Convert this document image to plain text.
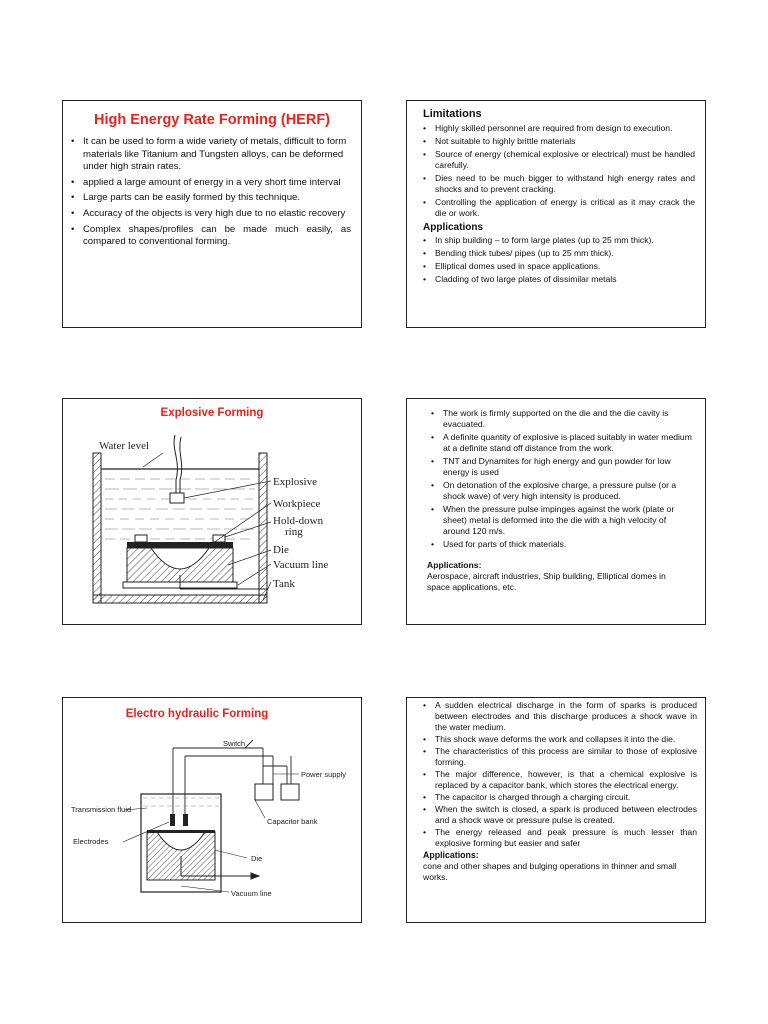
High Energy Rate Forming (HERF)
• It can be used to form a wide variety of metals, difficult to form materials like Titanium and Tungsten alloys, can be deformed under high strain rates.
• applied a large amount of energy in a very short time interval
• Large parts can be easily formed by this technique.
• Accuracy of the objects is very high due to no elastic recovery
• Complex shapes/profiles can be made much easily, as compared to conventional forming.
Limitations
• Highly skilled personnel are required from design to execution.
• Not suitable to highly brittle materials
• Source of energy (chemical explosive or electrical) must be handled carefully.
• Dies need to be much bigger to withstand high energy rates and shocks and to prevent cracking.
• Controlling the application of energy is critical as it may crack the die or work.
Applications
• In ship building – to form large plates (up to 25 mm thick).
• Bending thick tubes/ pipes (up to 25 mm thick).
• Elliptical domes used in space applications.
• Cladding of two large plates of dissimilar metals
Explosive Forming
Water level
Explosive
Workpiece
Hold-down
ring
Die
Vacuum line
Tank
• The work is firmly supported on the die and the die cavity is evacuated.
• A definite quantity of explosive is placed suitably in water medium at a definite stand off distance from the work.
• TNT and Dynamites for high energy and gun powder for low energy is used
• On detonation of the explosive charge, a pressure pulse (or a shock wave) of very high intensity is produced.
• When the pressure pulse impinges against the work (plate or sheet) metal is deformed into the die with a high velocity of around 120 m/s.
• Used for parts of thick materials.
Applications:
Aerospace, aircraft industries, Ship building, Elliptical domes in space applications, etc.
Electro hydraulic Forming
Switch
Power supply
Transmission fluid
Capacitor bank
Electrodes
Die
Vacuum line
• A sudden electrical discharge in the form of sparks is produced between electrodes and this discharge produces a shock wave in the water medium.
• This shock wave deforms the work and collapses it into the die.
• The characteristics of this process are similar to those of explosive forming.
• The major difference, however, is that a chemical explosive is replaced by a capacitor bank, which stores the electrical energy.
• The capacitor is charged through a charging circuit.
• When the switch is closed, a spark is produced between electrodes and a shock wave or pressure pulse is created.
• The energy released and peak pressure is much lesser than explosive forming but easier and safer
Applications:
cone and other shapes and bulging operations in thinner and small works.
